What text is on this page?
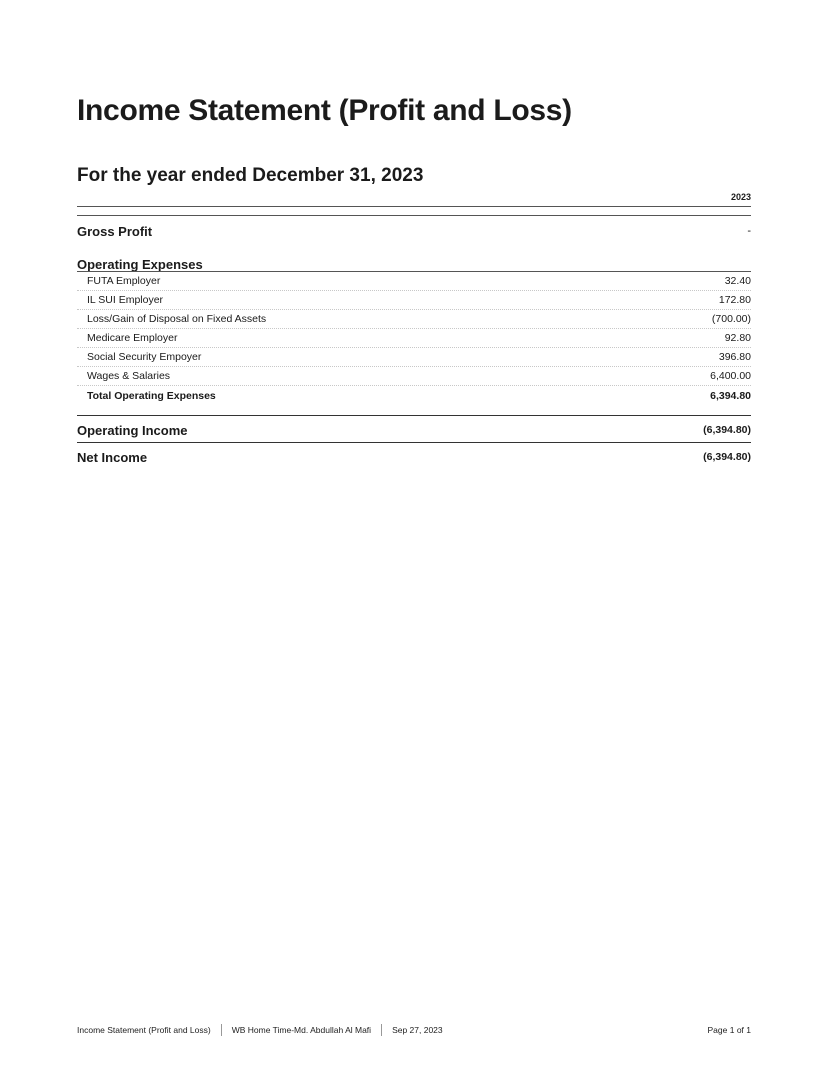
Income Statement (Profit and Loss)
For the year ended December 31, 2023
2023
Gross Profit	-
Operating Expenses
FUTA Employer	32.40
IL SUI Employer	172.80
Loss/Gain of Disposal on Fixed Assets	(700.00)
Medicare Employer	92.80
Social Security Empoyer	396.80
Wages & Salaries	6,400.00
Total Operating Expenses	6,394.80
Operating Income	(6,394.80)
Net Income	(6,394.80)
Income Statement (Profit and Loss) WB Home Time-Md. Abdullah Al Mafi Sep 27, 2023	Page 1 of 1
